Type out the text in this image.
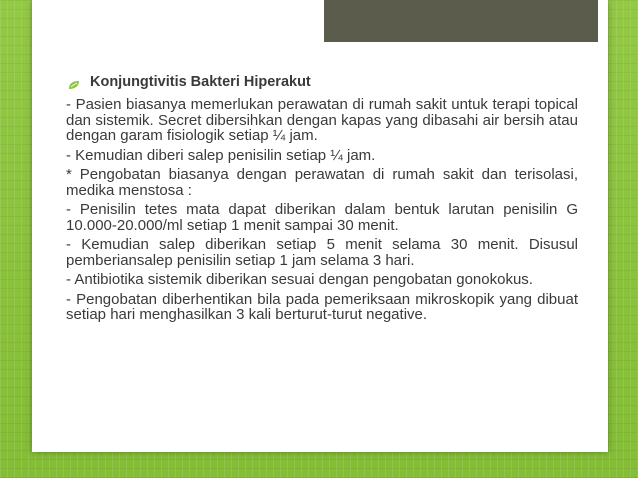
Konjungtivitis Bakteri Hiperakut

- Pasien biasanya memerlukan perawatan di rumah sakit untuk terapi topical dan sistemik. Secret dibersihkan dengan kapas yang dibasahi air bersih atau dengan garam fisiologik setiap ¼ jam.

- Kemudian diberi salep penisilin setiap ¼ jam.

* Pengobatan biasanya dengan perawatan di rumah sakit dan terisolasi, medika menstosa :

- Penisilin tetes mata dapat diberikan dalam bentuk larutan penisilin G 10.000-20.000/ml setiap 1 menit sampai 30 menit.

- Kemudian salep diberikan setiap 5 menit selama 30 menit. Disusul pemberiansalep penisilin setiap 1 jam selama 3 hari.

- Antibiotika sistemik diberikan sesuai dengan pengobatan gonokokus.

- Pengobatan diberhentikan bila pada pemeriksaan mikroskopik yang dibuat setiap hari menghasilkan 3 kali berturut-turut negative.
